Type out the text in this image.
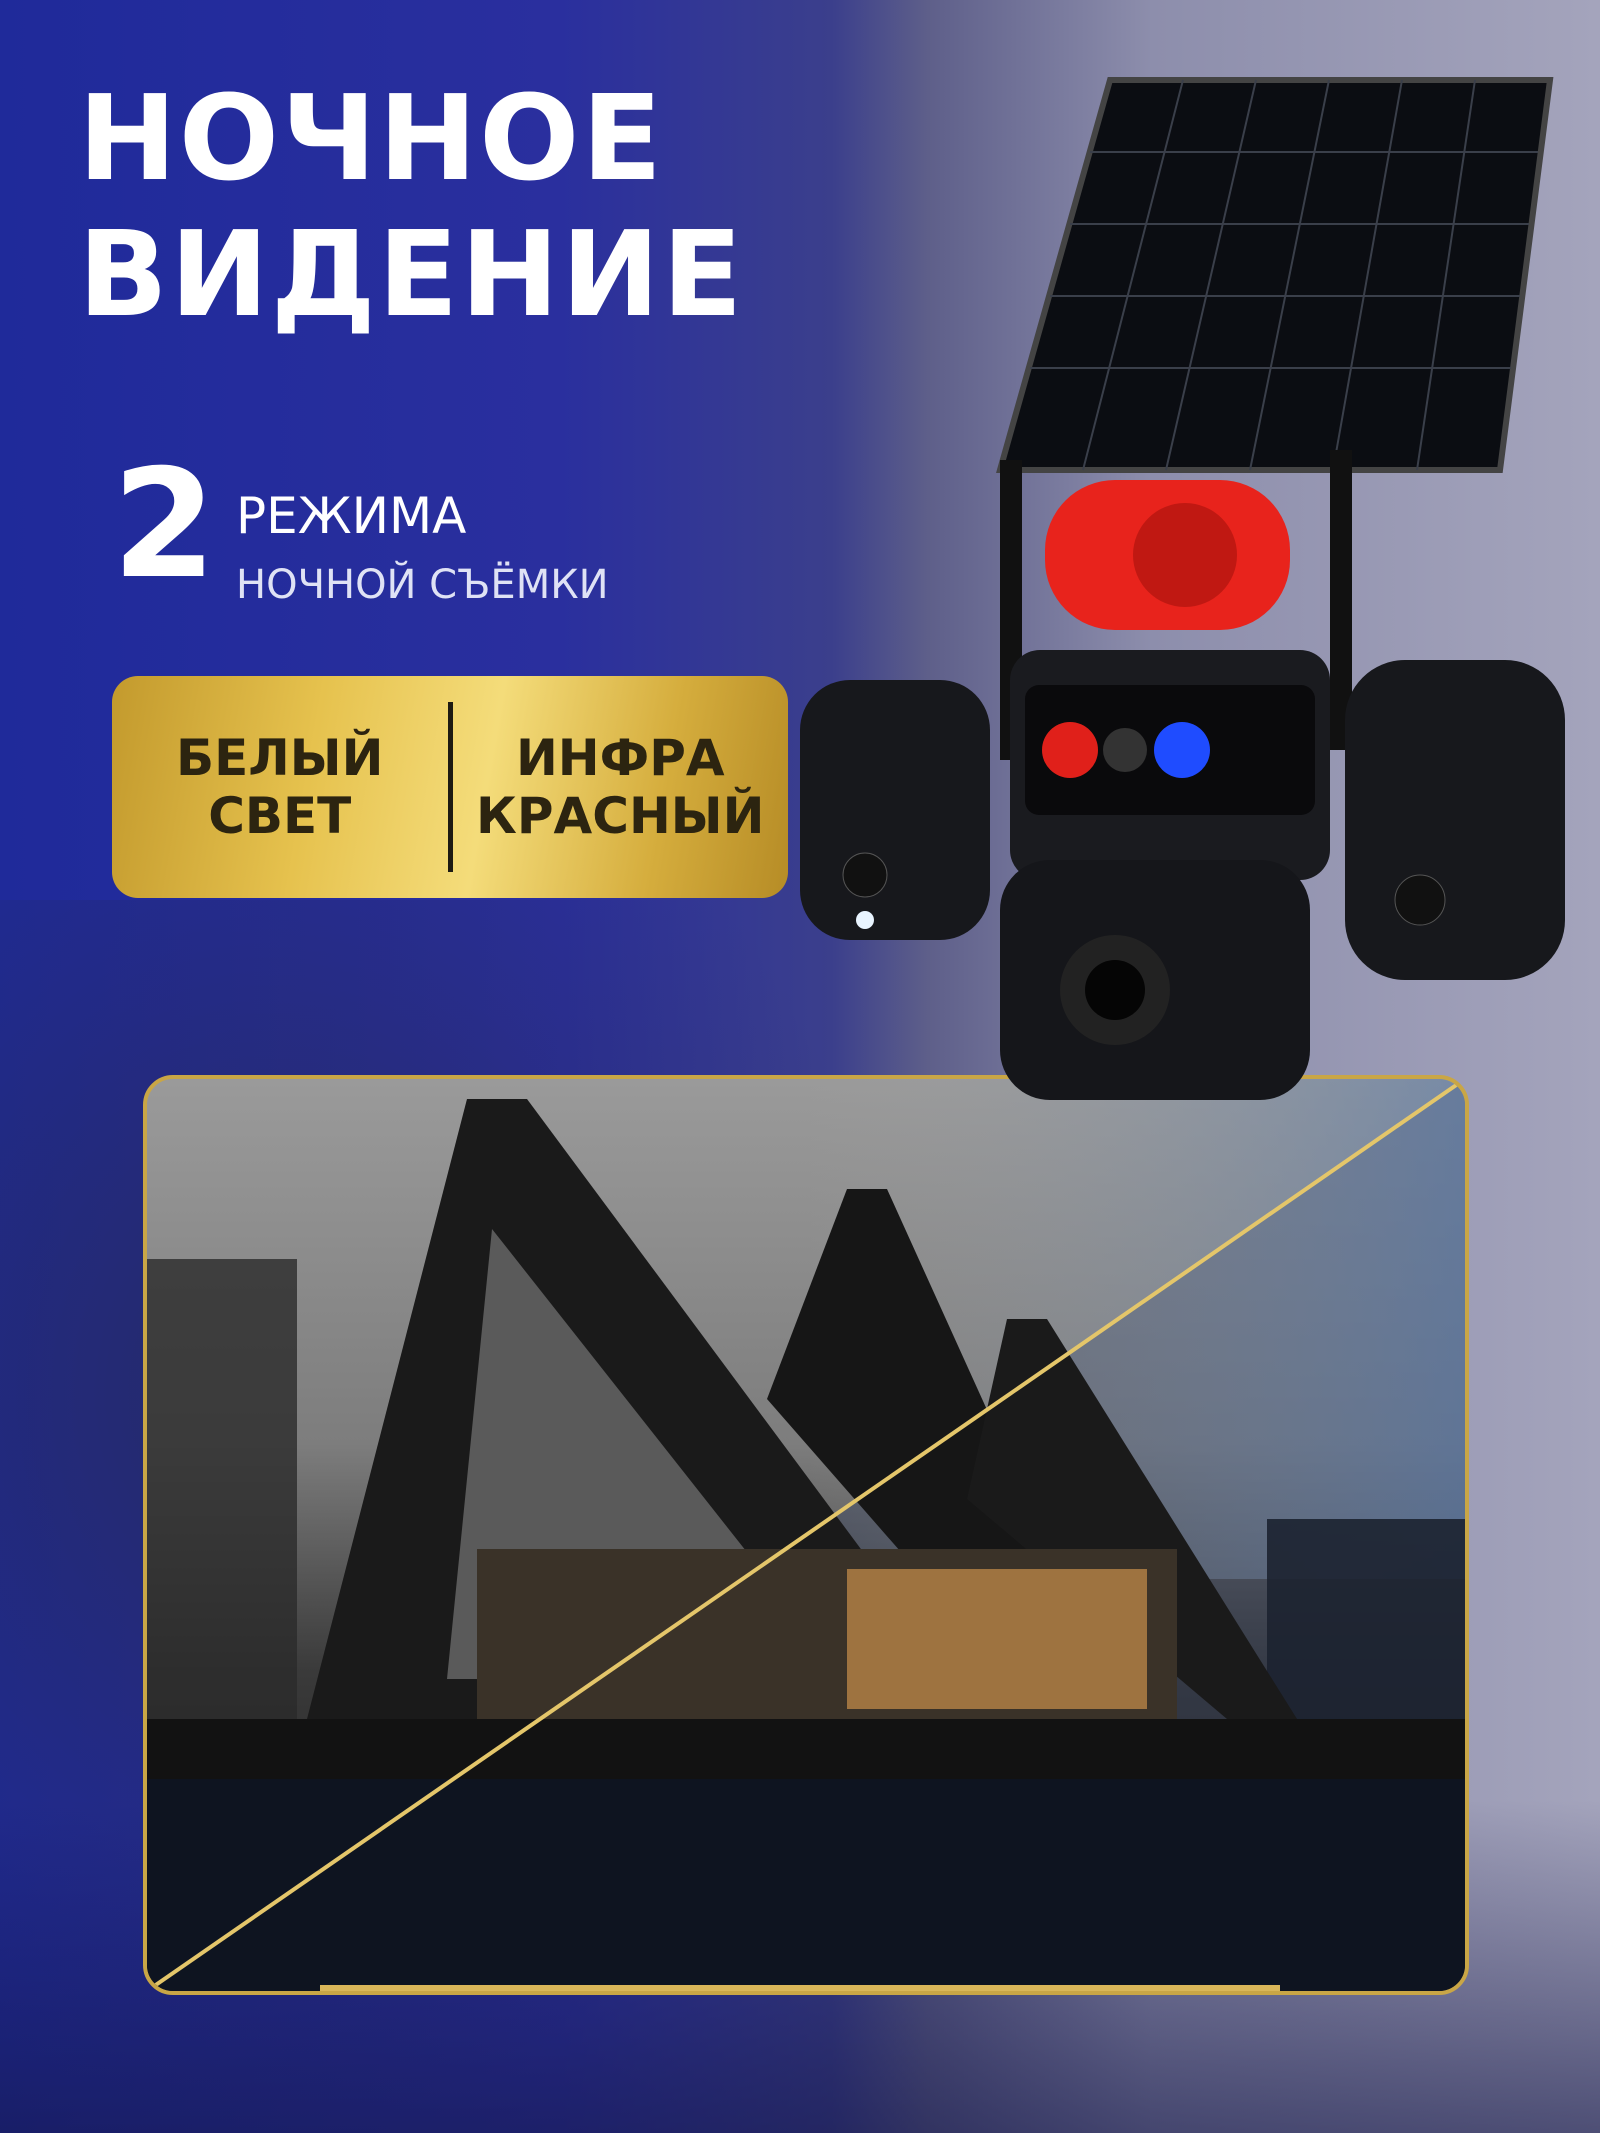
НОЧНОЕ
ВИДЕНИЕ
2 РЕЖИМА
НОЧНОЙ СЪЁМКИ
БЕЛЫЙ
СВЕТ
ИНФРА
КРАСНЫЙ
